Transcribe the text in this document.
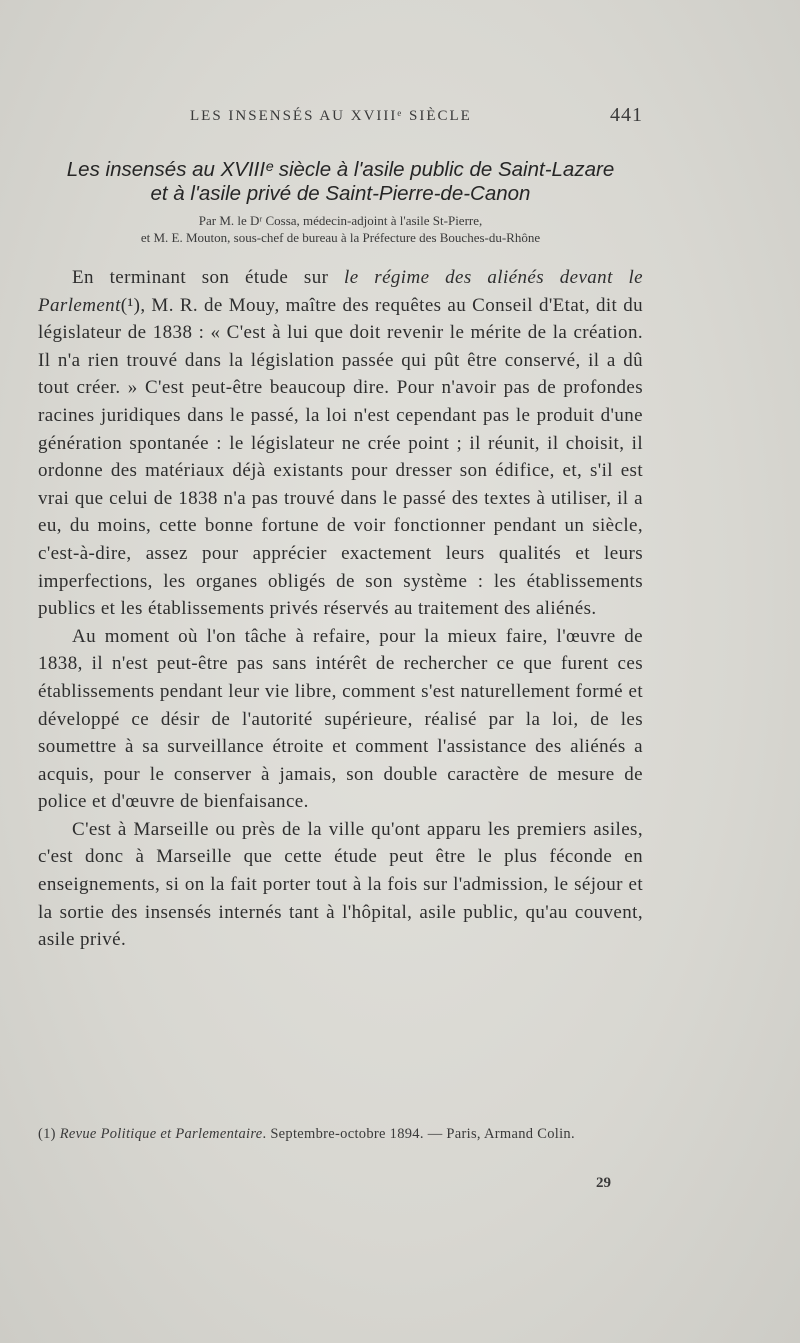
LES INSENSÉS AU XVIIIᵉ SIÈCLE	441
Les insensés au XVIIIᵉ siècle à l'asile public de Saint-Lazare
et à l'asile privé de Saint-Pierre-de-Canon
Par M. le Dʳ Cossa, médecin-adjoint à l'asile St-Pierre,
et M. E. Mouton, sous-chef de bureau à la Préfecture des Bouches-du-Rhône

En terminant son étude sur le régime des aliénés devant le Parlement(¹), M. R. de Mouy, maître des requêtes au Conseil d'Etat, dit du législateur de 1838 : « C'est à lui que doit revenir le mérite de la création. Il n'a rien trouvé dans la législation passée qui pût être conservé, il a dû tout créer. » C'est peut-être beaucoup dire. Pour n'avoir pas de profondes racines juridiques dans le passé, la loi n'est cependant pas le produit d'une génération spontanée : le législateur ne crée point ; il réunit, il choisit, il ordonne des matériaux déjà existants pour dresser son édifice, et, s'il est vrai que celui de 1838 n'a pas trouvé dans le passé des textes à utiliser, il a eu, du moins, cette bonne fortune de voir fonctionner pendant un siècle, c'est-à-dire, assez pour apprécier exactement leurs qualités et leurs imperfections, les organes obligés de son système : les établissements publics et les établissements privés réservés au traitement des aliénés.

Au moment où l'on tâche à refaire, pour la mieux faire, l'œuvre de 1838, il n'est peut-être pas sans intérêt de rechercher ce que furent ces établissements pendant leur vie libre, comment s'est naturellement formé et développé ce désir de l'autorité supérieure, réalisé par la loi, de les soumettre à sa surveillance étroite et comment l'assistance des aliénés a acquis, pour le conserver à jamais, son double caractère de mesure de police et d'œuvre de bienfaisance.

C'est à Marseille ou près de la ville qu'ont apparu les premiers asiles, c'est donc à Marseille que cette étude peut être le plus féconde en enseignements, si on la fait porter tout à la fois sur l'admission, le séjour et la sortie des insensés internés tant à l'hôpital, asile public, qu'au couvent, asile privé.

(1) Revue Politique et Parlementaire. Septembre-octobre 1894. — Paris, Armand Colin.
29
